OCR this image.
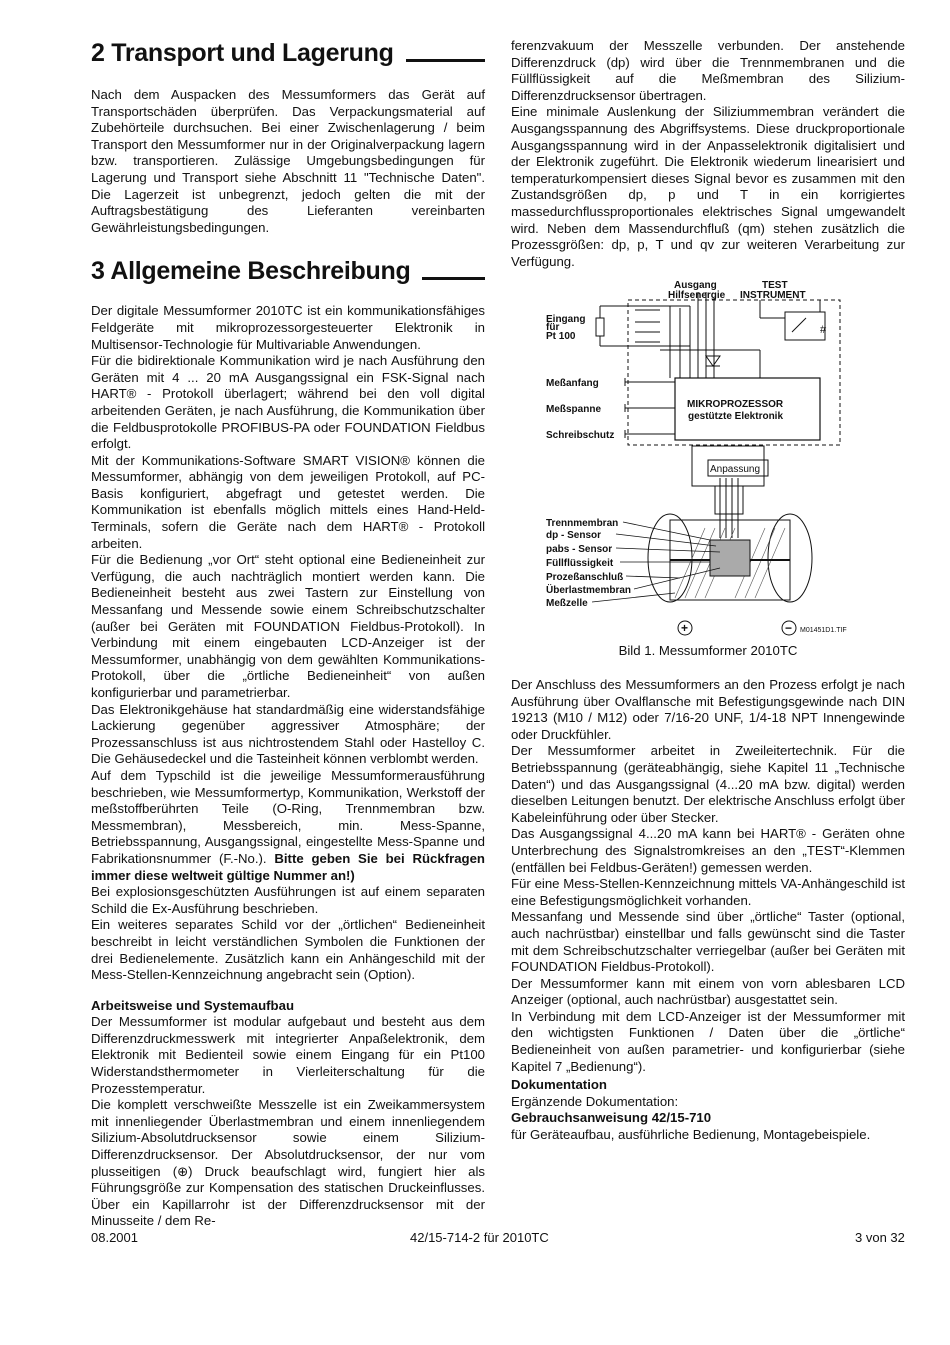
2 Transport und Lagerung

Nach dem Auspacken des Messumformers das Gerät auf Transportschäden überprüfen. Das Verpackungsmaterial auf Zubehörteile durchsuchen. Bei einer Zwischenlagerung / beim Transport den Messumformer nur in der Originalverpackung lagern bzw. transportieren. Zulässige Umgebungsbedingungen für Lagerung und Transport siehe Abschnitt 11 "Technische Daten". Die Lagerzeit ist unbegrenzt, jedoch gelten die mit der Auftragsbestätigung des Lieferanten vereinbarten Gewährleistungsbedingungen.

3 Allgemeine Beschreibung

Der digitale Messumformer 2010TC ist ein kommunikationsfähiges Feldgeräte mit mikroprozessorgesteuerter Elektronik in Multisensor-Technologie für Multivariable Anwendungen.

Für die bidirektionale Kommunikation wird je nach Ausführung den Geräten mit 4 ... 20 mA Ausgangssignal ein FSK-Signal nach HART® - Protokoll überlagert; während bei den voll digital arbeitenden Geräten, je nach Ausführung, die Kommunikation über die Feldbusprotokolle PROFIBUS-PA oder FOUNDATION Fieldbus erfolgt.

Mit der Kommunikations-Software SMART VISION® können die Messumformer, abhängig von dem jeweiligen Protokoll, auf PC-Basis konfiguriert, abgefragt und getestet werden. Die Kommunikation ist ebenfalls möglich mittels eines Hand-Held-Terminals, sofern die Geräte nach dem HART® - Protokoll arbeiten.

Für die Bedienung „vor Ort“ steht optional eine Bedieneinheit zur Verfügung, die auch nachträglich montiert werden kann. Die Bedieneinheit besteht aus zwei Tastern zur Einstellung von Messanfang und Messende sowie einem Schreibschutzschalter (außer bei Geräten mit FOUNDATION Fieldbus-Protokoll). In Verbindung mit einem eingebauten LCD-Anzeiger ist der Messumformer, unabhängig von dem gewählten Kommunikations-Protokoll, über die „örtliche Bedieneinheit“ von außen konfigurierbar und parametrierbar.

Das Elektronikgehäuse hat standardmäßig eine widerstandsfähige Lackierung gegenüber aggressiver Atmosphäre; der Prozessanschluss ist aus nichtrostendem Stahl oder Hastelloy C. Die Gehäusedeckel und die Tasteinheit können verblombt werden.

Auf dem Typschild ist die jeweilige Messumformerausführung beschrieben, wie Messumformertyp, Kommunikation, Werkstoff der meßstoffberührten Teile (O-Ring, Trennmembran bzw. Messmembran), Messbereich, min. Mess-Spanne, Betriebsspannung, Ausgangssignal, eingestellte Mess-Spanne und Fabrikationsnummer (F.-No.). Bitte geben Sie bei Rückfragen immer diese weltweit gültige Nummer an!)

Bei explosionsgeschützten Ausführungen ist auf einem separaten Schild die Ex-Ausführung beschrieben.

Ein weiteres separates Schild vor der „örtlichen“ Bedieneinheit beschreibt in leicht verständlichen Symbolen die Funktionen der drei Bedienelemente. Zusätzlich kann ein Anhängeschild mit der Mess-Stellen-Kennzeichnung angebracht sein (Option).

Arbeitsweise und Systemaufbau

Der Messumformer ist modular aufgebaut und besteht aus dem Differenzdruckmesswerk mit integrierter Anpaßelektronik, dem Elektronik mit Bedienteil sowie einem Eingang für ein Pt100 Widerstandsthermometer in Vierleiterschaltung für die Prozesstemperatur.

Die komplett verschweißte Messzelle ist ein Zweikammersystem mit innenliegender Überlastmembran und einem innenliegendem Silizium-Absolutdrucksensor sowie einem Silizium-Differenzdrucksensor. Der Absolutdrucksensor, der nur vom plusseitigen (⊕) Druck beaufschlagt wird, fungiert hier als Führungsgröße zur Kompensation des statischen Druckeinflusses. Über ein Kapillarrohr ist der Differenzdrucksensor mit der Minusseite / dem Re-

ferenzvakuum der Messzelle verbunden. Der anstehende Differenzdruck (dp) wird über die Trennmembranen und die Füllflüssigkeit auf die Meßmembran des Silizium-Differenzdrucksensor übertragen.

Eine minimale Auslenkung der Siliziummembran verändert die Ausgangsspannung des Abgriffsystems. Diese druckproportionale Ausgangsspannung wird in der Anpasselektronik digitalisiert und der Elektronik zugeführt. Die Elektronik wiederum linearisiert und temperaturkompensiert dieses Signal bevor es zusammen mit den Zustandsgrößen dp, p und T in ein korrigiertes massedurchflussproportionales elektrisches Signal umgewandelt wird. Neben dem Massendurchfluß (qm) stehen zusätzlich die Prozessgrößen: dp, p, T und qv zur weiteren Verarbeitung zur Verfügung.

Ausgang
Hilfsenergie
TEST
INSTRUMENT
Eingang
für
Pt 100
Meßanfang
Meßspanne
Schreibschutz
MIKROPROZESSOR
gestützte Elektronik
Trennmembran
dp - Sensor
pabs - Sensor
Füllflüssigkeit
Prozeßanschluß
Überlastmembran
Meßzelle
+	−
Anpassung
#
M01451D1.TIF
Bild 1. Messumformer 2010TC

Der Anschluss des Messumformers an den Prozess erfolgt je nach Ausführung über Ovalflansche mit Befestigungsgewinde nach DIN 19213 (M10 / M12) oder 7/16-20 UNF, 1/4-18 NPT Innengewinde oder Druckfühler.

Der Messumformer arbeitet in Zweileitertechnik. Für die Betriebsspannung (geräteabhängig, siehe Kapitel 11 „Technische Daten“) und das Ausgangssignal (4...20 mA bzw. digital) werden dieselben Leitungen benutzt. Der elektrische Anschluss erfolgt über Kabeleinführung oder über Stecker.

Das Ausgangssignal 4...20 mA kann bei HART® - Geräten ohne Unterbrechung des Signalstromkreises an den „TEST“-Klemmen (entfällen bei Feldbus-Geräten!) gemessen werden.

Für eine Mess-Stellen-Kennzeichnung mittels VA-Anhängeschild ist eine Befestigungsmöglichkeit vorhanden.

Messanfang und Messende sind über „örtliche“ Taster (optional, auch nachrüstbar) einstellbar und falls gewünscht sind die Taster mit dem Schreibschutzschalter verriegelbar (außer bei Geräten mit FOUNDATION Fieldbus-Protokoll).

Der Messumformer kann mit einem von vorn ablesbaren LCD Anzeiger (optional, auch nachrüstbar) ausgestattet sein.

In Verbindung mit dem LCD-Anzeiger ist der Messumformer mit den wichtigsten Funktionen / Daten über die „örtliche“ Bedieneinheit von außen parametrier- und konfigurierbar (siehe Kapitel 7 „Bedienung“).

Dokumentation

Ergänzende Dokumentation:

Gebrauchsanweisung 42/15-710

für Geräteaufbau, ausführliche Bedienung, Montagebeispiele.

08.2001	42/15-714-2 für 2010TC	3 von 32
